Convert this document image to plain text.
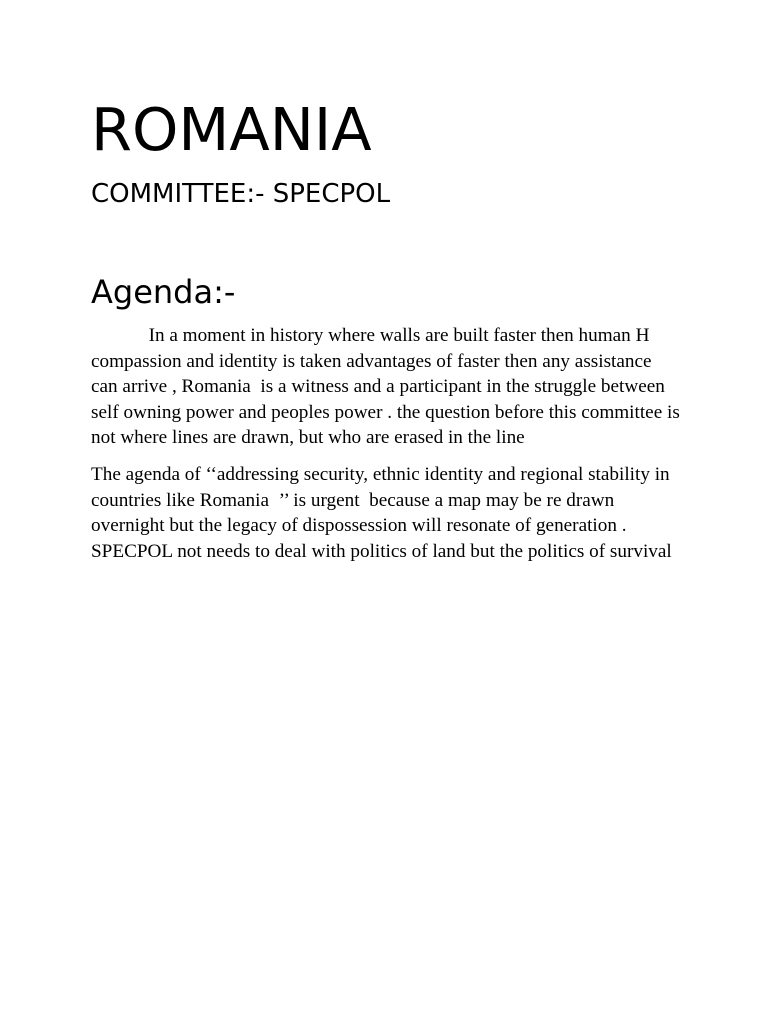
ROMANIA
COMMITTEE:- SPECPOL
Agenda:-

In a moment in history where walls are built faster then human H compassion and identity is taken advantages of faster then any assistance can arrive , Romania  is a witness and a participant in the struggle between self owning power and peoples power . the question before this committee is not where lines are drawn, but who are erased in the line

The agenda of ‘‘addressing security, ethnic identity and regional stability in countries like Romania  ’’ is urgent  because a map may be re drawn overnight but the legacy of dispossession will resonate of generation . SPECPOL not needs to deal with politics of land but the politics of survival
